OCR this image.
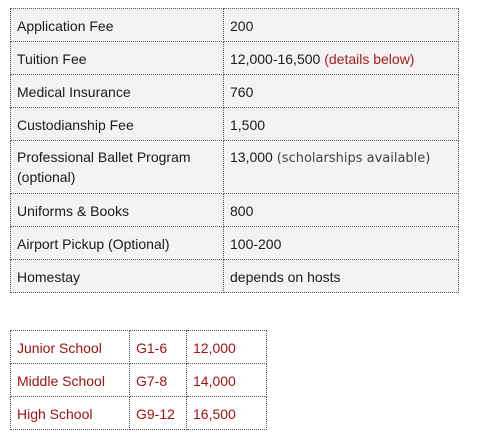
Application Fee	200
Tuition Fee	12,000-16,500 (details below)
Medical Insurance	760
Custodianship Fee	1,500
Professional Ballet Program (optional)	13,000 (scholarships available)
Uniforms & Books	800
Airport Pickup (Optional)	100-200
Homestay	depends on hosts
Junior School	G1-6	12,000
Middle School	G7-8	14,000
High School	G9-12	16,500
